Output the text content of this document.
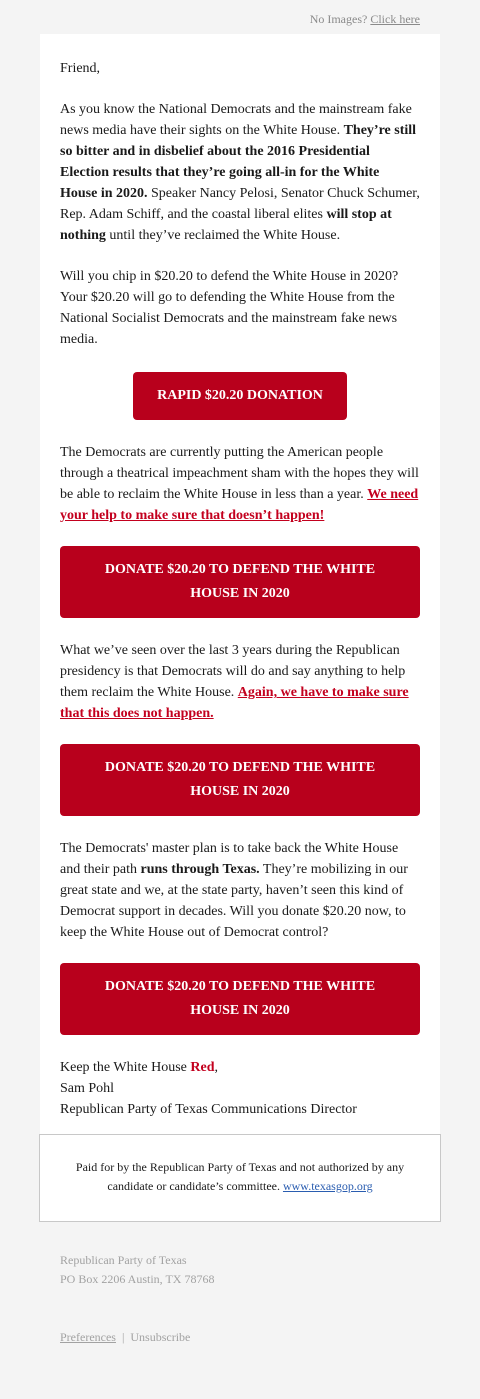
No Images? Click here

Friend,

As you know the National Democrats and the mainstream fake news media have their sights on the White House. They’re still so bitter and in disbelief about the 2016 Presidential Election results that they’re going all-in for the White House in 2020. Speaker Nancy Pelosi, Senator Chuck Schumer, Rep. Adam Schiff, and the coastal liberal elites will stop at nothing until they’ve reclaimed the White House.

Will you chip in $20.20 to defend the White House in 2020? Your $20.20 will go to defending the White House from the National Socialist Democrats and the mainstream fake news media.

RAPID $20.20 DONATION

The Democrats are currently putting the American people through a theatrical impeachment sham with the hopes they will be able to reclaim the White House in less than a year. We need your help to make sure that doesn’t happen!

DONATE $20.20 TO DEFEND THE WHITE HOUSE IN 2020

What we’ve seen over the last 3 years during the Republican presidency is that Democrats will do and say anything to help them reclaim the White House. Again, we have to make sure that this does not happen.

DONATE $20.20 TO DEFEND THE WHITE HOUSE IN 2020

The Democrats' master plan is to take back the White House and their path runs through Texas. They’re mobilizing in our great state and we, at the state party, haven’t seen this kind of Democrat support in decades. Will you donate $20.20 now, to keep the White House out of Democrat control?

DONATE $20.20 TO DEFEND THE WHITE HOUSE IN 2020

Keep the White House Red,

Sam Pohl

Republican Party of Texas Communications Director

Paid for by the Republican Party of Texas and not authorized by any candidate or candidate’s committee. www.texasgop.org
Republican Party of Texas
PO Box 2206 Austin, TX 78768
Preferences | Unsubscribe
